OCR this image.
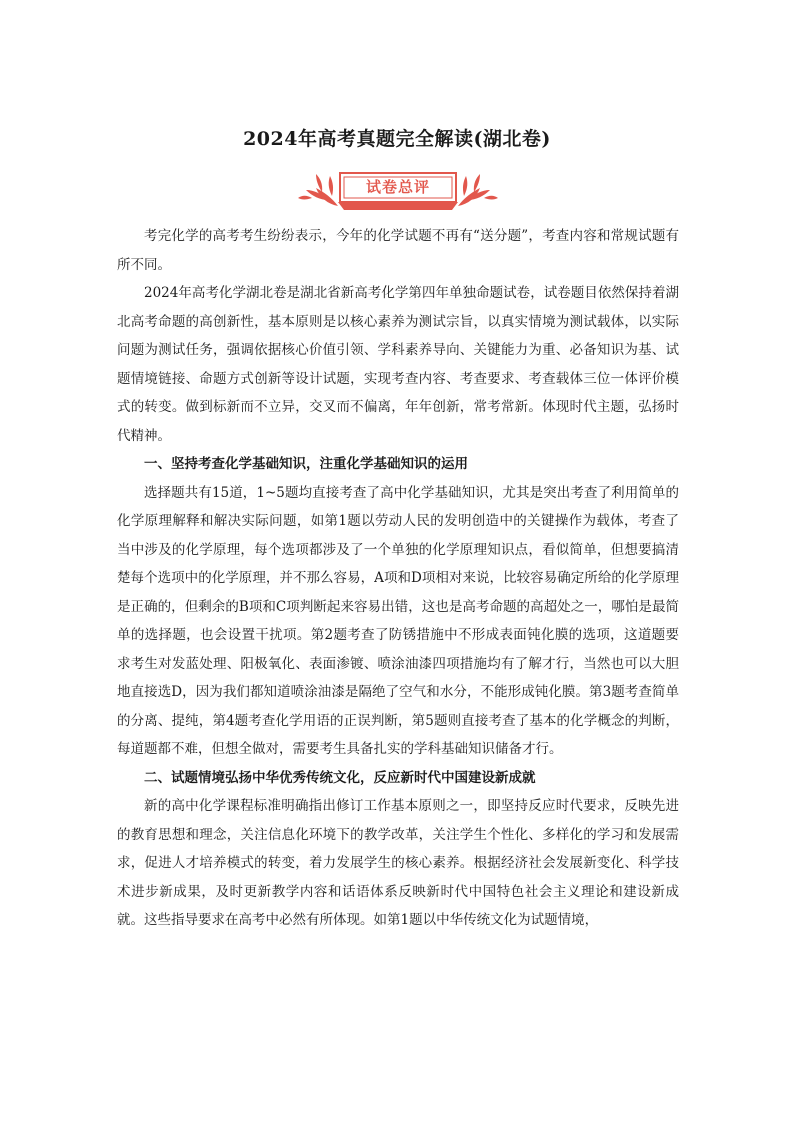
2024年高考真题完全解读(湖北卷)
试卷总评

考完化学的高考考生纷纷表示，今年的化学试题不再有“送分题”，考查内容和常规试题有所不同。

2024年高考化学湖北卷是湖北省新高考化学第四年单独命题试卷，试卷题目依然保持着湖北高考命题的高创新性，基本原则是以核心素养为测试宗旨，以真实情境为测试载体，以实际问题为测试任务，强调依据核心价值引领、学科素养导向、关键能力为重、必备知识为基、试题情境链接、命题方式创新等设计试题，实现考查内容、考查要求、考查载体三位一体评价模式的转变。做到标新而不立异，交叉而不偏离，年年创新，常考常新。体现时代主题，弘扬时代精神。

一、坚持考查化学基础知识，注重化学基础知识的运用

选择题共有15道，1~5题均直接考查了高中化学基础知识，尤其是突出考查了利用简单的化学原理解释和解决实际问题，如第1题以劳动人民的发明创造中的关键操作为载体，考查了当中涉及的化学原理，每个选项都涉及了一个单独的化学原理知识点，看似简单，但想要搞清楚每个选项中的化学原理，并不那么容易，A项和D项相对来说，比较容易确定所给的化学原理是正确的，但剩余的B项和C项判断起来容易出错，这也是高考命题的高超处之一，哪怕是最简单的选择题，也会设置干扰项。第2题考查了防锈措施中不形成表面钝化膜的选项，这道题要求考生对发蓝处理、阳极氧化、表面渗镀、喷涂油漆四项措施均有了解才行，当然也可以大胆地直接选D，因为我们都知道喷涂油漆是隔绝了空气和水分，不能形成钝化膜。第3题考查简单的分离、提纯，第4题考查化学用语的正误判断，第5题则直接考查了基本的化学概念的判断，每道题都不难，但想全做对，需要考生具备扎实的学科基础知识储备才行。

二、试题情境弘扬中华优秀传统文化，反应新时代中国建设新成就

新的高中化学课程标准明确指出修订工作基本原则之一，即坚持反应时代要求，反映先进的教育思想和理念，关注信息化环境下的教学改革，关注学生个性化、多样化的学习和发展需求，促进人才培养模式的转变，着力发展学生的核心素养。根据经济社会发展新变化、科学技术进步新成果，及时更新教学内容和话语体系反映新时代中国特色社会主义理论和建设新成就。这些指导要求在高考中必然有所体现。如第1题以中华传统文化为试题情境，
